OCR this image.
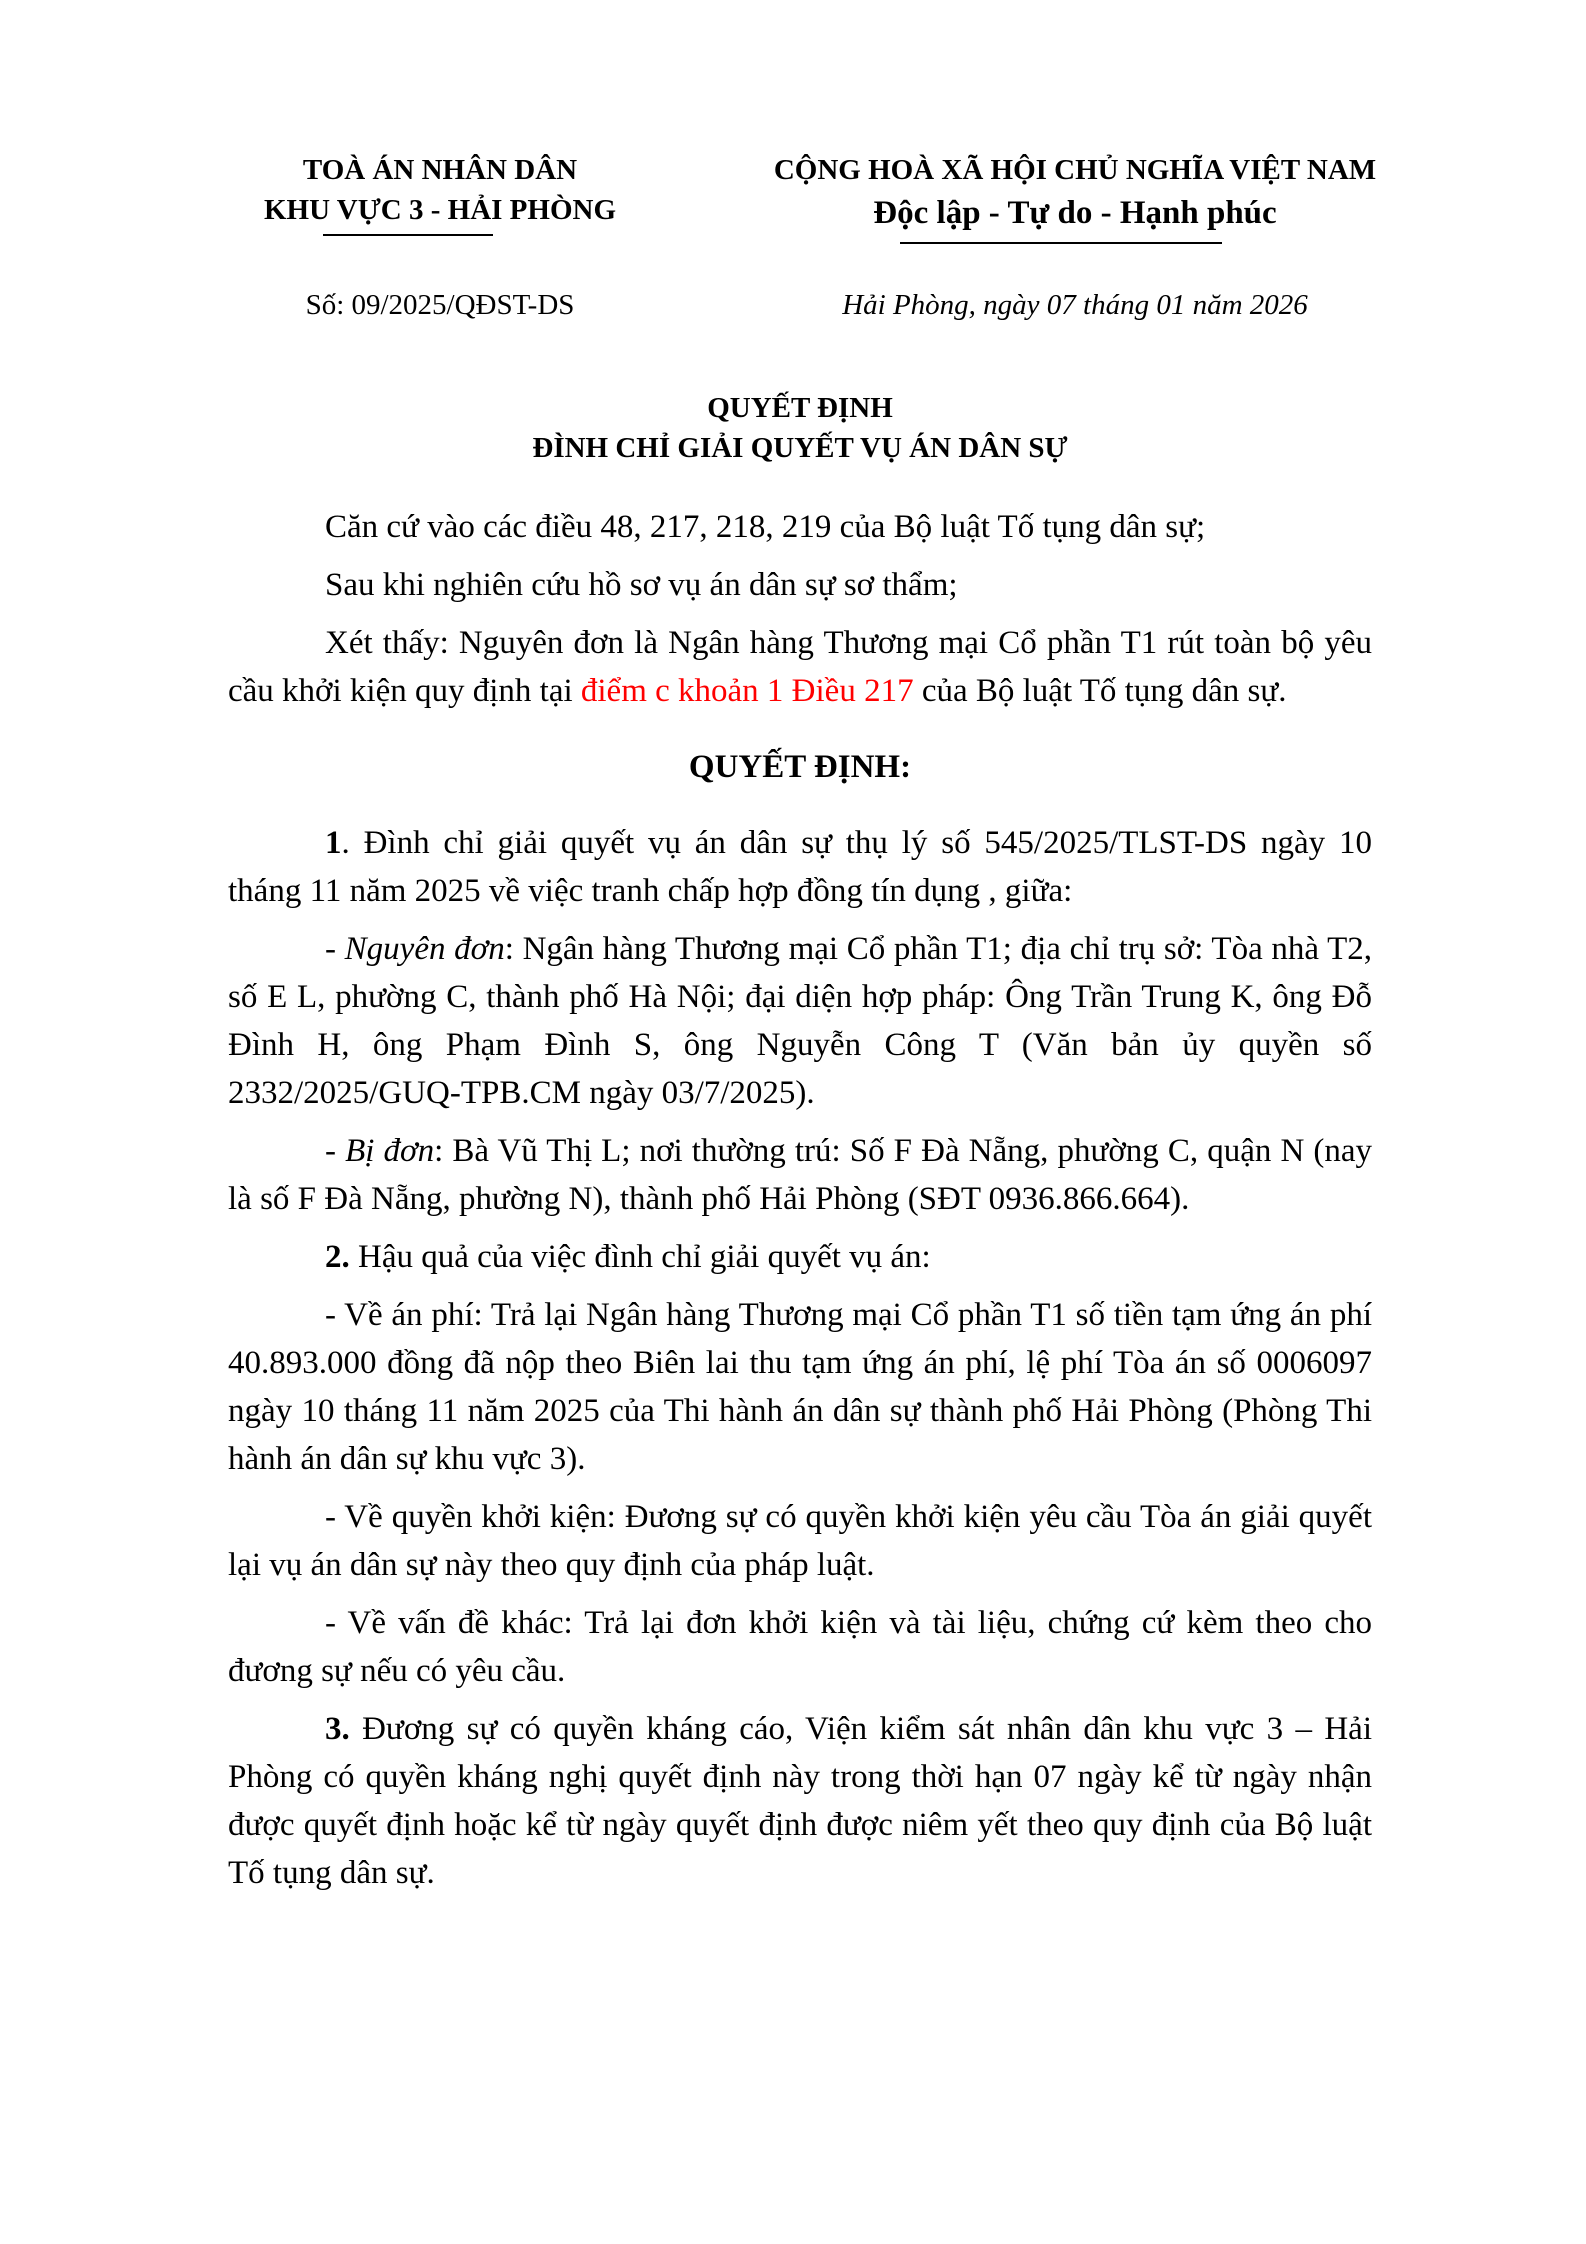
TOÀ ÁN NHÂN DÂN
KHU VỰC 3 - HẢI PHÒNG
CỘNG HOÀ XÃ HỘI CHỦ NGHĨA VIỆT NAM
Độc lập - Tự do - Hạnh phúc
Số: 09/2025/QĐST-DS	Hải Phòng, ngày 07 tháng 01 năm 2026
QUYẾT ĐỊNH
ĐÌNH CHỈ GIẢI QUYẾT VỤ ÁN DÂN SỰ

Căn cứ vào các điều 48, 217, 218, 219 của Bộ luật Tố tụng dân sự;

Sau khi nghiên cứu hồ sơ vụ án dân sự sơ thẩm;

Xét thấy: Nguyên đơn là Ngân hàng Thương mại Cổ phần T1 rút toàn bộ yêu cầu khởi kiện quy định tại điểm c khoản 1 Điều 217 của Bộ luật Tố tụng dân sự.

QUYẾT ĐỊNH:

1. Đình chỉ giải quyết vụ án dân sự thụ lý số 545/2025/TLST-DS ngày 10 tháng 11 năm 2025 về việc tranh chấp hợp đồng tín dụng , giữa:

- Nguyên đơn: Ngân hàng Thương mại Cổ phần T1; địa chỉ trụ sở: Tòa nhà T2, số E L, phường C, thành phố Hà Nội; đại diện hợp pháp: Ông Trần Trung K, ông Đỗ Đình H, ông Phạm Đình S, ông Nguyễn Công T (Văn bản ủy quyền số 2332/2025/GUQ-TPB.CM ngày 03/7/2025).

- Bị đơn: Bà Vũ Thị L; nơi thường trú: Số F Đà Nẵng, phường C, quận N (nay là số F Đà Nẵng, phường N), thành phố Hải Phòng (SĐT 0936.866.664).

2. Hậu quả của việc đình chỉ giải quyết vụ án:

- Về án phí: Trả lại Ngân hàng Thương mại Cổ phần T1 số tiền tạm ứng án phí 40.893.000 đồng đã nộp theo Biên lai thu tạm ứng án phí, lệ phí Tòa án số 0006097 ngày 10 tháng 11 năm 2025 của Thi hành án dân sự thành phố Hải Phòng (Phòng Thi hành án dân sự khu vực 3).

- Về quyền khởi kiện: Đương sự có quyền khởi kiện yêu cầu Tòa án giải quyết lại vụ án dân sự này theo quy định của pháp luật.

- Về vấn đề khác: Trả lại đơn khởi kiện và tài liệu, chứng cứ kèm theo cho đương sự nếu có yêu cầu.

3. Đương sự có quyền kháng cáo, Viện kiểm sát nhân dân khu vực 3 – Hải Phòng có quyền kháng nghị quyết định này trong thời hạn 07 ngày kể từ ngày nhận được quyết định hoặc kể từ ngày quyết định được niêm yết theo quy định của Bộ luật Tố tụng dân sự.
